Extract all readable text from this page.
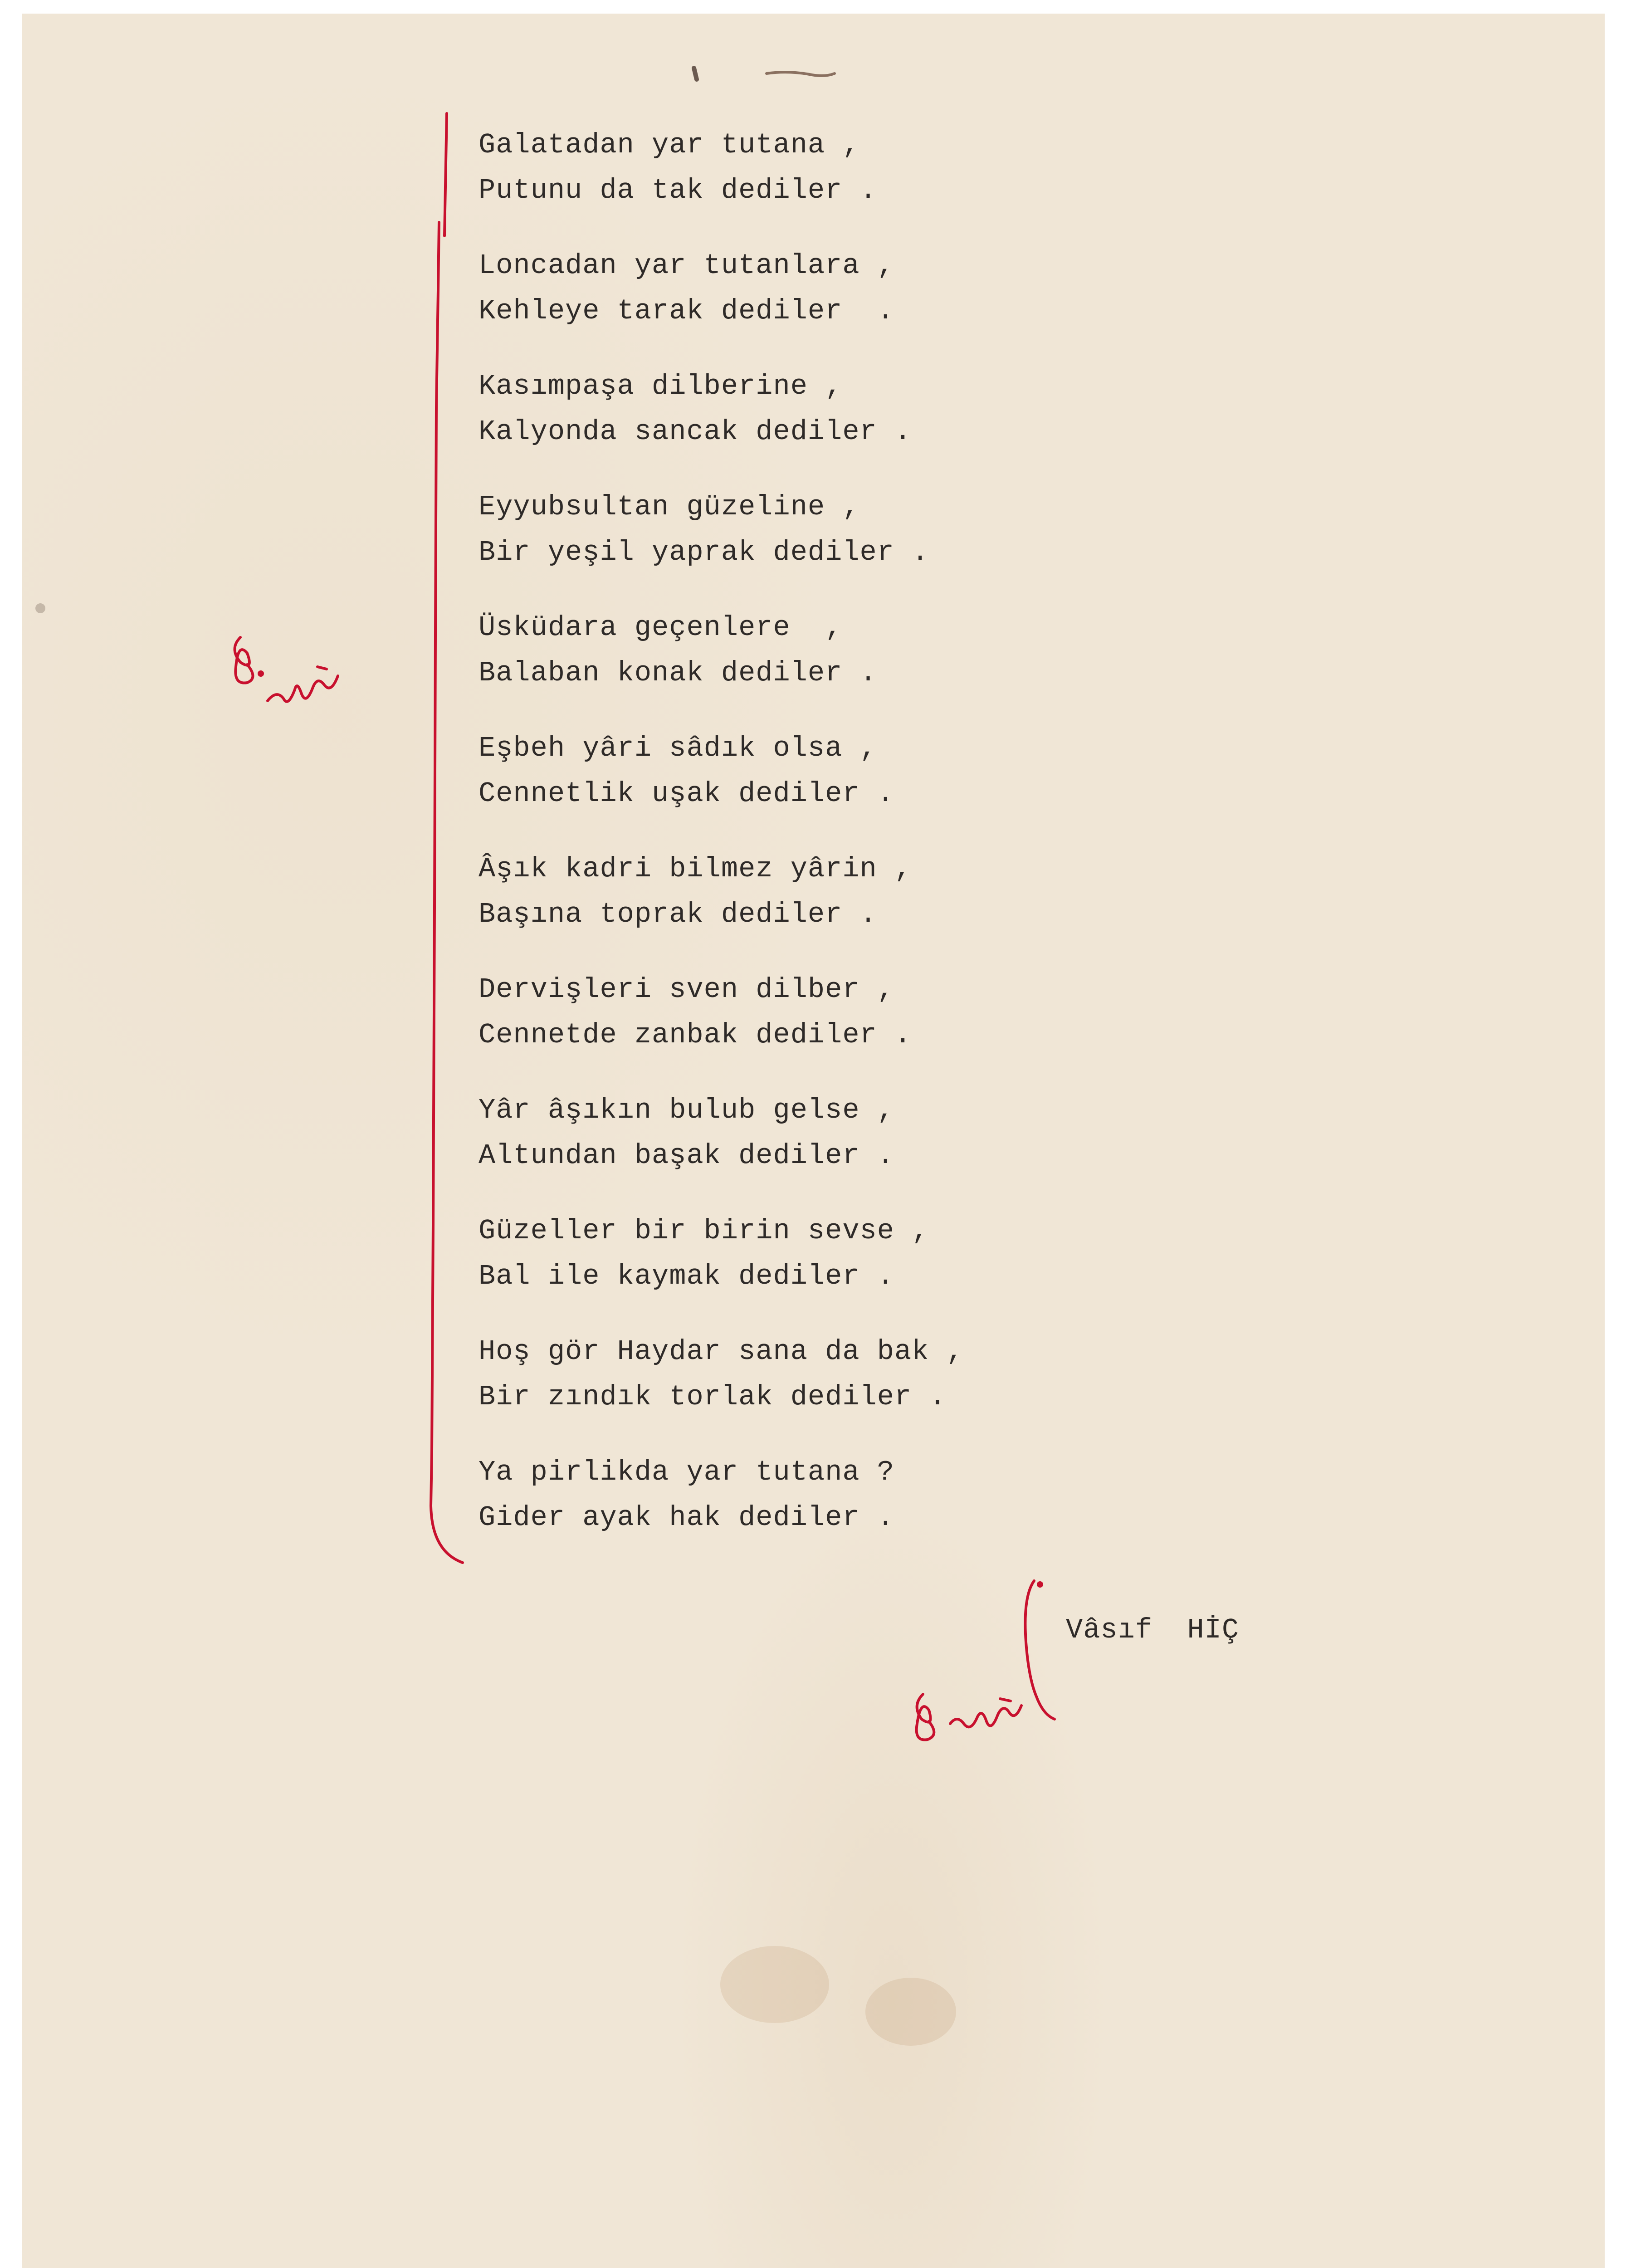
Galatadan yar tutana ,
Putunu da tak dediler .
Loncadan yar tutanlara ,
Kehleye tarak dediler  .
Kasımpaşa dilberine ,
Kalyonda sancak dediler .
Eyyubsultan güzeline ,
Bir yeşil yaprak dediler .
Üsküdara geçenlere  ,
Balaban konak dediler .
Eşbeh yâri sâdık olsa ,
Cennetlik uşak dediler .
Âşık kadri bilmez yârin ,
Başına toprak dediler .
Dervişleri sven dilber ,
Cennetde zanbak dediler .
Yâr âşıkın bulub gelse ,
Altundan başak dediler .
Güzeller bir birin sevse ,
Bal ile kaymak dediler .
Hoş gör Haydar sana da bak ,
Bir zındık torlak dediler .
Ya pirlikda yar tutana ?
Gider ayak hak dediler .
Vâsıf  HİÇ
